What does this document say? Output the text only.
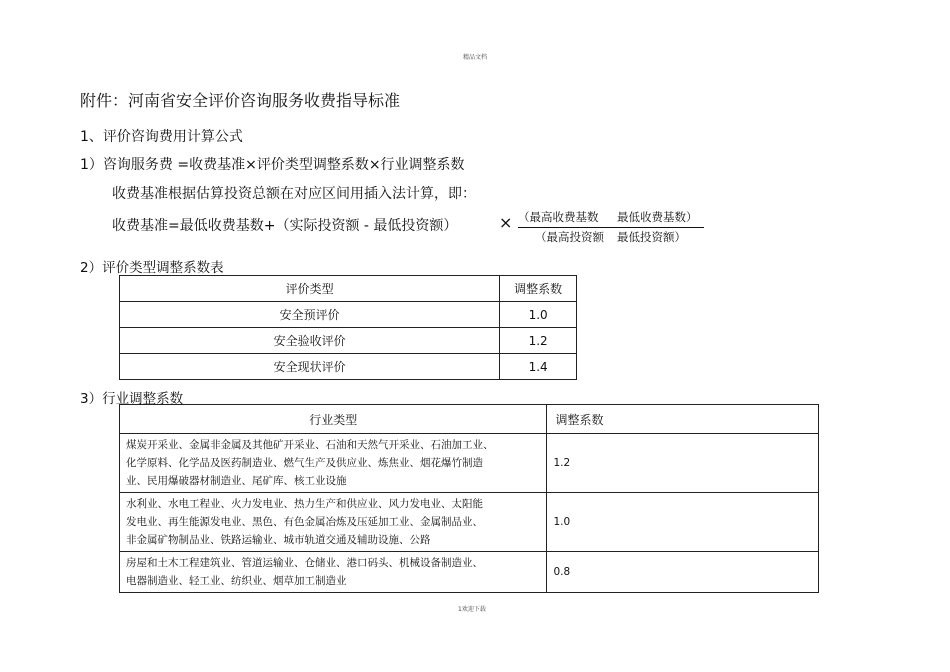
精品文档
附件：河南省安全评价咨询服务收费指导标准
1、评价咨询费用计算公式
1）咨询服务费 =收费基准×评价类型调整系数×行业调整系数
收费基准根据估算投资总额在对应区间用插入法计算，即：
收费基准=最低收费基数+（实际投资额 - 最低投资额）	× （最高收费基数 最低收费基数）
（最高投资额 最低投资额）
2）评价类型调整系数表
评价类型	调整系数
安全预评价	1.0
安全验收评价	1.2
安全现状评价	1.4
3）行业调整系数
行业类型	调整系数

煤炭开采业、金属非金属及其他矿开采业、石油和天然气开采业、石油加工业、
化学原料、化学品及医药制造业、燃气生产及供应业、炼焦业、烟花爆竹制造
业、民用爆破器材制造业、尾矿库、核工业设施	1.2

水利业、水电工程业、火力发电业、热力生产和供应业、风力发电业、太阳能
发电业、再生能源发电业、黑色、有色金属冶炼及压延加工业、金属制品业、
非金属矿物制品业、铁路运输业、城市轨道交通及辅助设施、公路	1.0

房屋和土木工程建筑业、管道运输业、仓储业、港口码头、机械设备制造业、
电器制造业、轻工业、纺织业、烟草加工制造业	0.8
1欢迎下载
